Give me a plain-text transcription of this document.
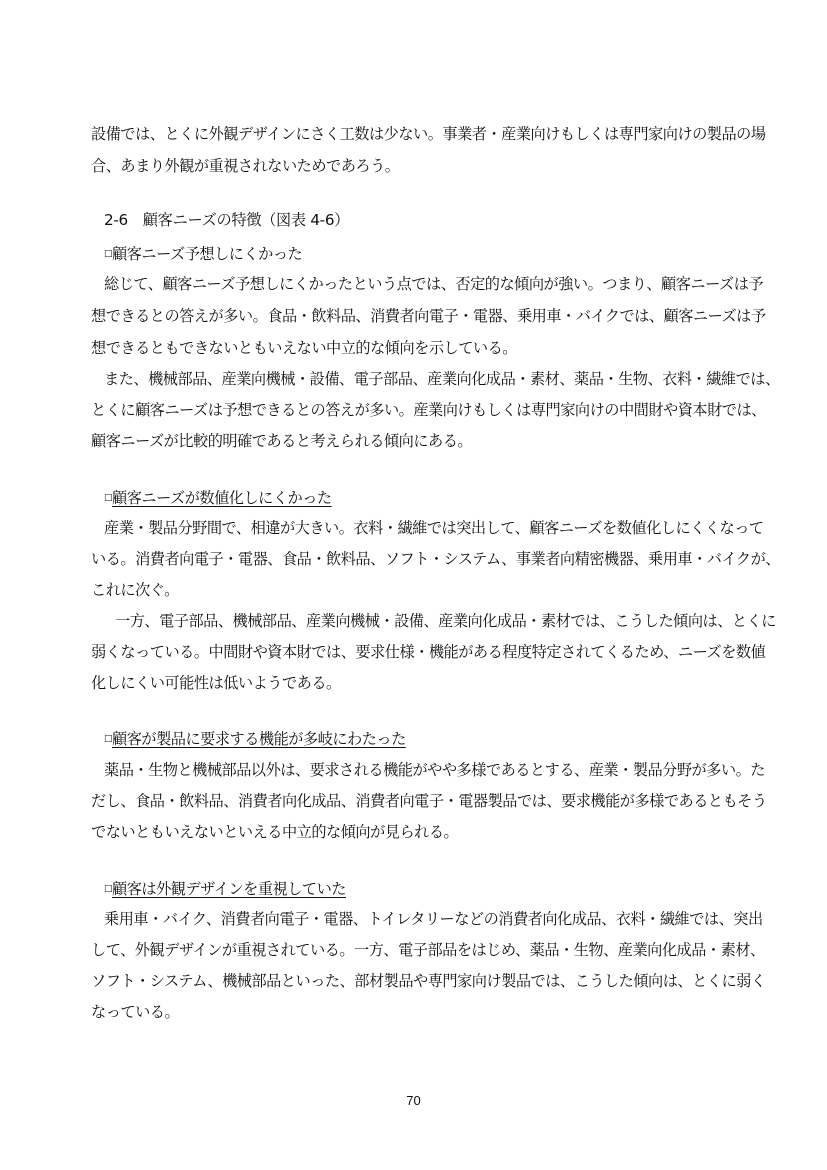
設備では、とくに外観デザインにさく工数は少ない。事業者・産業向けもしくは専門家向けの製品の場
合、あまり外観が重視されないためであろう。
2-6　顧客ニーズの特徴（図表 4-6）
□顧客ニーズ予想しにくかった
総じて、顧客ニーズ予想しにくかったという点では、否定的な傾向が強い。つまり、顧客ニーズは予
想できるとの答えが多い。食品・飲料品、消費者向電子・電器、乗用車・バイクでは、顧客ニーズは予
想できるともできないともいえない中立的な傾向を示している。
また、機械部品、産業向機械・設備、電子部品、産業向化成品・素材、薬品・生物、衣料・繊維では、
とくに顧客ニーズは予想できるとの答えが多い。産業向けもしくは専門家向けの中間財や資本財では、
顧客ニーズが比較的明確であると考えられる傾向にある。
□顧客ニーズが数値化しにくかった
産業・製品分野間で、相違が大きい。衣料・繊維では突出して、顧客ニーズを数値化しにくくなって
いる。消費者向電子・電器、食品・飲料品、ソフト・システム、事業者向精密機器、乗用車・バイクが、
これに次ぐ。
一方、電子部品、機械部品、産業向機械・設備、産業向化成品・素材では、こうした傾向は、とくに
弱くなっている。中間財や資本財では、要求仕様・機能がある程度特定されてくるため、ニーズを数値
化しにくい可能性は低いようである。
□顧客が製品に要求する機能が多岐にわたった
薬品・生物と機械部品以外は、要求される機能がやや多様であるとする、産業・製品分野が多い。た
だし、食品・飲料品、消費者向化成品、消費者向電子・電器製品では、要求機能が多様であるともそう
でないともいえないといえる中立的な傾向が見られる。
□顧客は外観デザインを重視していた
乗用車・バイク、消費者向電子・電器、トイレタリーなどの消費者向化成品、衣料・繊維では、突出
して、外観デザインが重視されている。一方、電子部品をはじめ、薬品・生物、産業向化成品・素材、
ソフト・システム、機械部品といった、部材製品や専門家向け製品では、こうした傾向は、とくに弱く
なっている。
70
